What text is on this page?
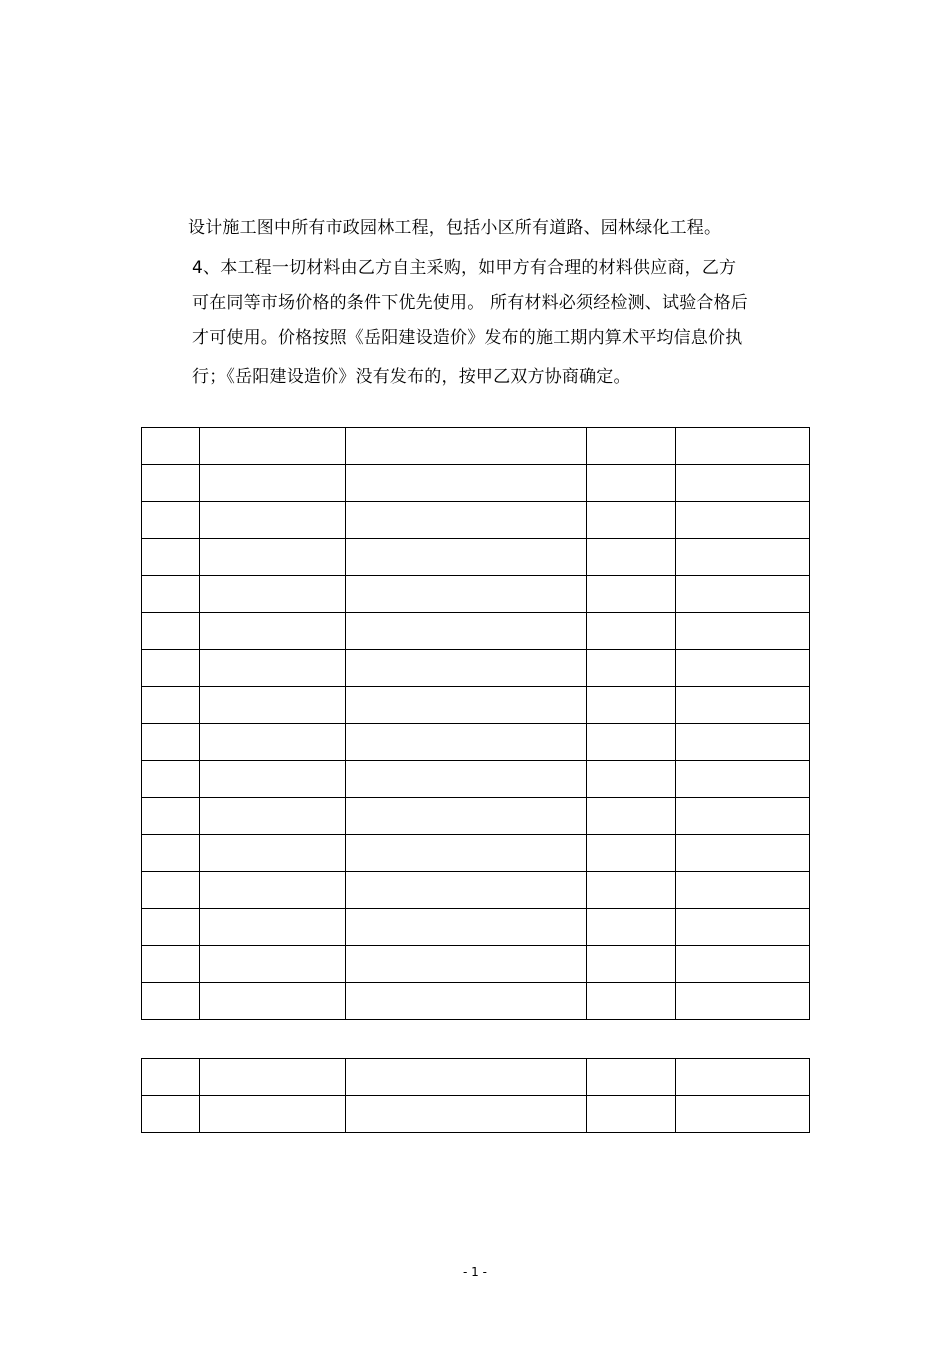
设计施工图中所有市政园林工程，包括小区所有道路、园林绿化工程。
4、本工程一切材料由乙方自主采购，如甲方有合理的材料供应商，乙方
可在同等市场价格的条件下优先使用。 所有材料必须经检测、试验合格后
才可使用。价格按照《岳阳建设造价》发布的施工期内算术平均信息价执
行；《岳阳建设造价》没有发布的，按甲乙双方协商确定。

- 1 -
